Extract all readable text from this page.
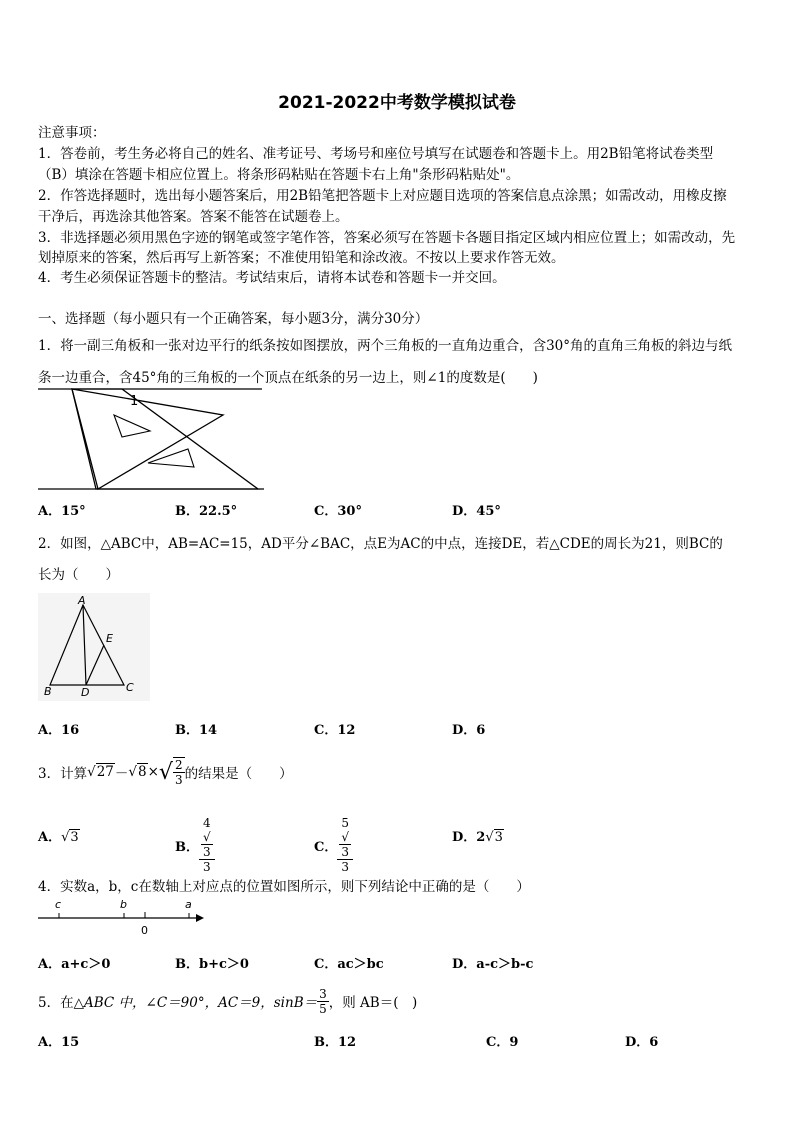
2021-2022中考数学模拟试卷
注意事项：
1．答卷前，考生务必将自己的姓名、准考证号、考场号和座位号填写在试题卷和答题卡上。用2B铅笔将试卷类型
（B）填涂在答题卡相应位置上。将条形码粘贴在答题卡右上角"条形码粘贴处"。
2．作答选择题时，选出每小题答案后，用2B铅笔把答题卡上对应题目选项的答案信息点涂黑；如需改动，用橡皮擦
干净后，再选涂其他答案。答案不能答在试题卷上。
3．非选择题必须用黑色字迹的钢笔或签字笔作答，答案必须写在答题卡各题目指定区域内相应位置上；如需改动，先
划掉原来的答案，然后再写上新答案；不准使用铅笔和涂改液。不按以上要求作答无效。
4．考生必须保证答题卡的整洁。考试结束后，请将本试卷和答题卡一并交回。
一、选择题（每小题只有一个正确答案，每小题3分，满分30分）
1．将一副三角板和一张对边平行的纸条按如图摆放，两个三角板的一直角边重合，含30°角的直角三角板的斜边与纸
条一边重合，含45°角的三角板的一个顶点在纸条的另一边上，则∠1的度数是(　　)
1
A．15°	B．22.5°	C．30°	D．45°
2．如图，△ABC中，AB=AC=15，AD平分∠BAC，点E为AC的中点，连接DE，若△CDE的周长为21，则BC的
长为（　　）
A
B	D	C
E
A．16	B．14	C．12	D．6
3．计算 √27 － √8 × √ $\frac{2}{3}$ 的结果是（　　）
A．√3
B． 4
√
3
3	C． 5
√
3
3	D．2√3
4．实数a，b，c在数轴上对应点的位置如图所示，则下列结论中正确的是（　　）
c	b
0
a
A．a+c＞0	B．b+c＞0	C．ac＞bc	D．a-c＞b-c
5．在 △ABC 中，∠C＝90°，AC＝9，$\sin B= \frac{3}{5}$ ，则 AB＝(　)
A．15	B．12	C．9	D．6
